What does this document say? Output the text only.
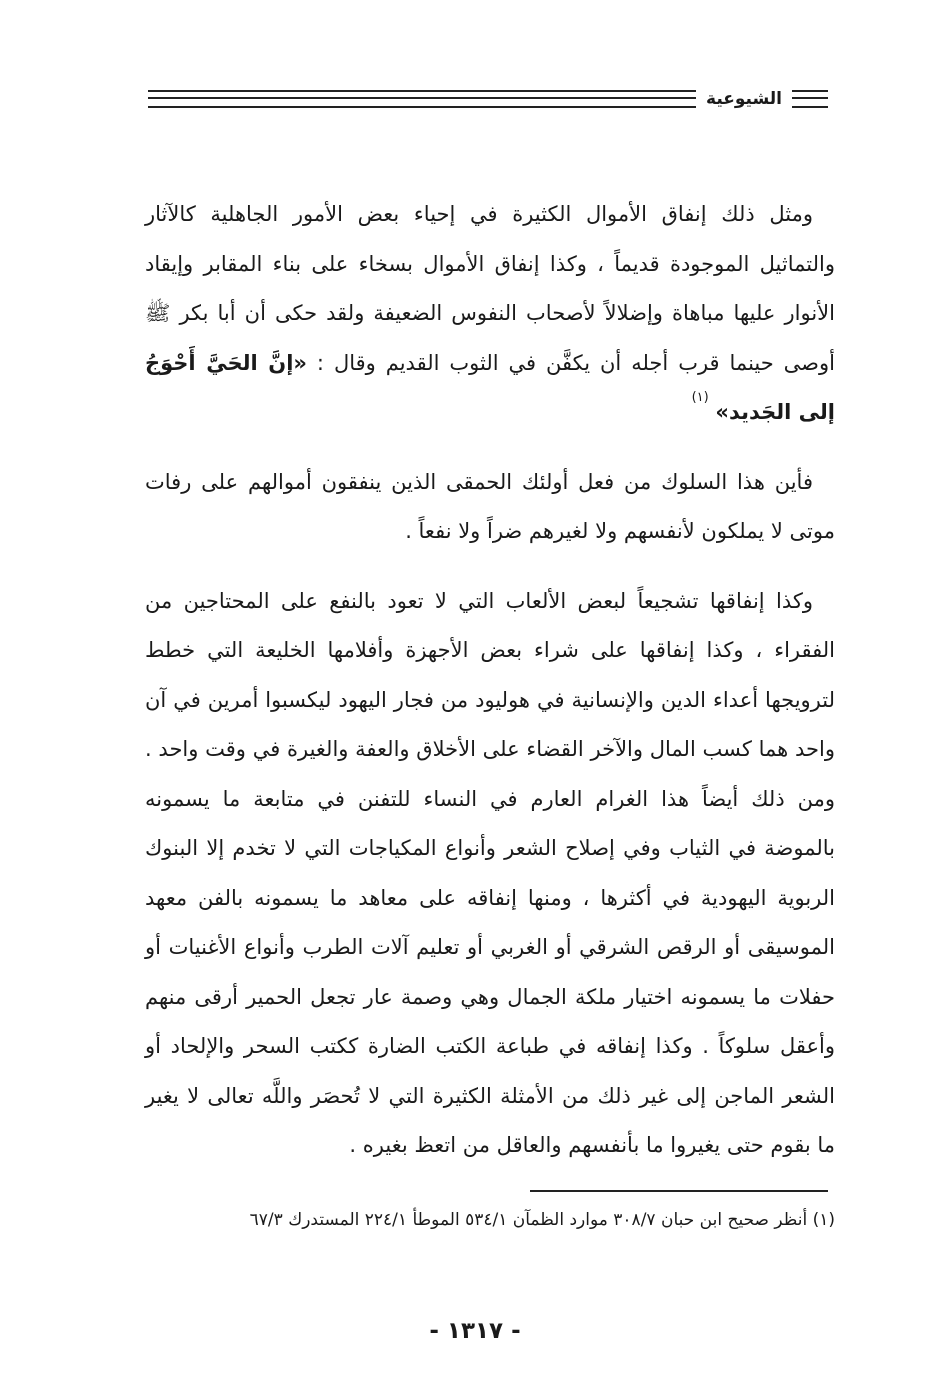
الشيوعية

ومثل ذلك إنفاق الأموال الكثيرة في إحياء بعض الأمور الجاهلية كالآثار والتماثيل الموجودة قديماً ، وكذا إنفاق الأموال بسخاء على بناء المقابر وإيقاد الأنوار عليها مباهاة وإضلالاً لأصحاب النفوس الضعيفة ولقد حكى أن أبا بكر ﷺ أوصى حينما قرب أجله أن يكفَّن في الثوب القديم وقال : «إنَّ الحَيَّ أَحْوَجُ إلى الجَديد» $^{(١)}$

فأين هذا السلوك من فعل أولئك الحمقى الذين ينفقون أموالهم على رفات موتى لا يملكون لأنفسهم ولا لغيرهم ضراً ولا نفعاً .

وكذا إنفاقها تشجيعاً لبعض الألعاب التي لا تعود بالنفع على المحتاجين من الفقراء ، وكذا إنفاقها على شراء بعض الأجهزة وأفلامها الخليعة التي خطط لترويجها أعداء الدين والإنسانية في هوليود من فجار اليهود ليكسبوا أمرين في آن واحد هما كسب المال والآخر القضاء على الأخلاق والعفة والغيرة في وقت واحد . ومن ذلك أيضاً هذا الغرام العارم في النساء للتفنن في متابعة ما يسمونه بالموضة في الثياب وفي إصلاح الشعر وأنواع المكياجات التي لا تخدم إلا البنوك الربوية اليهودية في أكثرها ، ومنها إنفاقه على معاهد ما يسمونه بالفن معهد الموسيقى أو الرقص الشرقي أو الغربي أو تعليم آلات الطرب وأنواع الأغنيات أو حفلات ما يسمونه اختيار ملكة الجمال وهي وصمة عار تجعل الحمير أرقى منهم وأعقل سلوكاً . وكذا إنفاقه في طباعة الكتب الضارة ككتب السحر والإلحاد أو الشعر الماجن إلى غير ذلك من الأمثلة الكثيرة التي لا تُحصَر واللَّه تعالى لا يغير ما بقوم حتى يغيروا ما بأنفسهم والعاقل من اتعظ بغيره .

(١) أنظر صحيح ابن حبان ٣٠٨/٧ موارد الظمآن ٥٣٤/١ الموطأ ٢٢٤/١ المستدرك ٦٧/٣
- ١٣١٧ -
